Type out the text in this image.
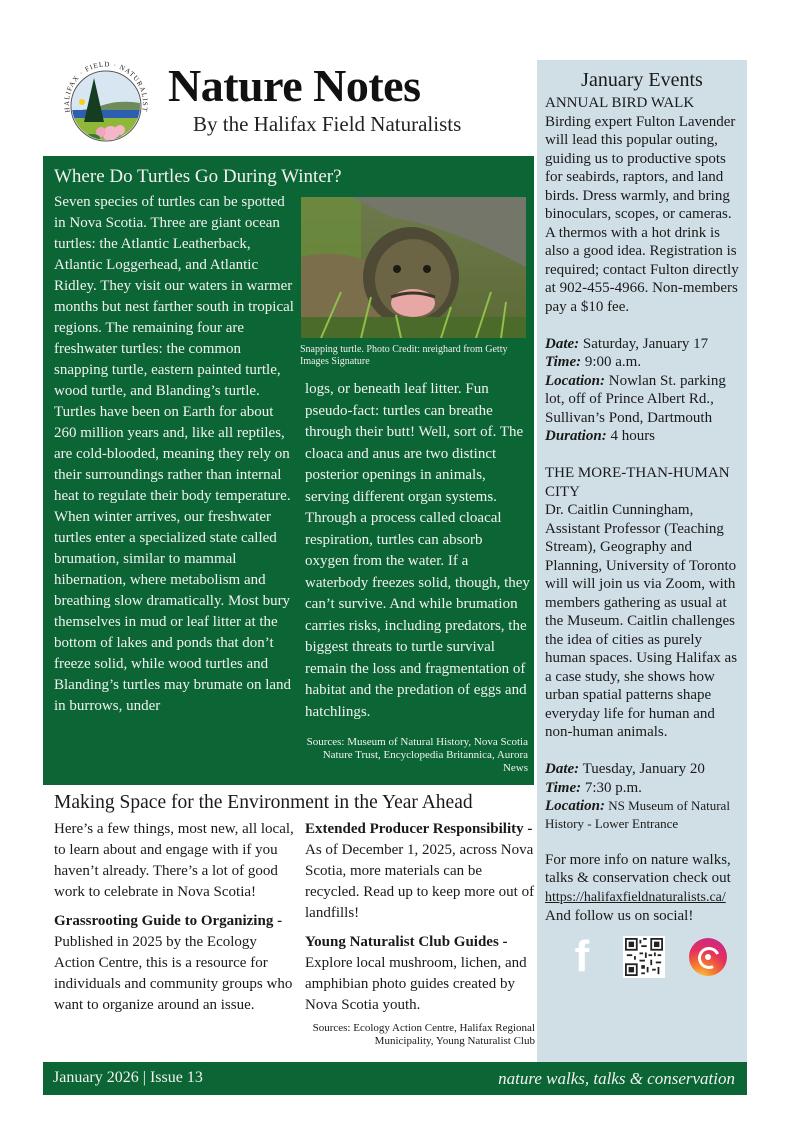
HALIFAX · FIELD · NATURALIST Nature Notes
By the Halifax Field Naturalists
January Events
ANNUAL BIRD WALK
Birding expert Fulton Lavender will lead this popular outing, guiding us to productive spots for seabirds, raptors, and land birds. Dress warmly, and bring binoculars, scopes, or cameras. A thermos with a hot drink is also a good idea. Registration is required; contact Fulton directly at 902-455-4966. Non-members pay a $10 fee.
Date: Saturday, January 17
Time: 9:00 a.m.
Location: Nowlan St. parking lot, off of Prince Albert Rd., Sullivan’s Pond, Dartmouth
Duration: 4 hours
THE MORE-THAN-HUMAN CITY
Dr. Caitlin Cunningham, Assistant Professor (Teaching Stream), Geography and Planning, University of Toronto will will join us via Zoom, with members gathering as usual at the Museum. Caitlin challenges the idea of cities as purely human spaces. Using Halifax as a case study, she shows how urban spatial patterns shape everyday life for human and non-human animals.
Date: Tuesday, January 20
Time: 7:30 p.m.
Location: NS Museum of Natural History - Lower Entrance
For more info on nature walks, talks & conservation check out
https://halifaxfieldnaturalists.ca/
And follow us on social!
f
Where Do Turtles Go During Winter?
Seven species of turtles can be spotted in Nova Scotia. Three are giant ocean turtles: the Atlantic Leatherback, Atlantic Loggerhead, and Atlantic Ridley. They visit our waters in warmer months but nest farther south in tropical regions. The remaining four are freshwater turtles: the common snapping turtle, eastern painted turtle, wood turtle, and Blanding’s turtle. Turtles have been on Earth for about 260 million years and, like all reptiles, are cold-blooded, meaning they rely on their surroundings rather than internal heat to regulate their body temperature. When winter arrives, our freshwater turtles enter a specialized state called brumation, similar to mammal hibernation, where metabolism and breathing slow dramatically. Most bury themselves in mud or leaf litter at the bottom of lakes and ponds that don’t freeze solid, while wood turtles and Blanding’s turtles may brumate on land in burrows, under
Snapping turtle. Photo Credit: nreighard from Getty Images Signature
logs, or beneath leaf litter. Fun pseudo-fact: turtles can breathe through their butt! Well, sort of. The cloaca and anus are two distinct posterior openings in animals, serving different organ systems. Through a process called cloacal respiration, turtles can absorb oxygen from the water. If a waterbody freezes solid, though, they can’t survive. And while brumation carries risks, including predators, the biggest threats to turtle survival remain the loss and fragmentation of habitat and the predation of eggs and hatchlings.
Sources: Museum of Natural History, Nova Scotia Nature Trust, Encyclopedia Britannica, Aurora News
Making Space for the Environment in the Year Ahead

Here’s a few things, most new, all local, to learn about and engage with if you haven’t already. There’s a lot of good work to celebrate in Nova Scotia!

Grassrooting Guide to Organizing - Published in 2025 by the Ecology Action Centre, this is a resource for individuals and community groups who want to organize around an issue.

Extended Producer Responsibility - As of December 1, 2025, across Nova Scotia, more materials can be recycled. Read up to keep more out of landfills!

Young Naturalist Club Guides - Explore local mushroom, lichen, and amphibian photo guides created by Nova Scotia youth.

Sources: Ecology Action Centre, Halifax Regional Municipality, Young Naturalist Club
January 2026 | Issue 13	nature walks, talks & conservation
